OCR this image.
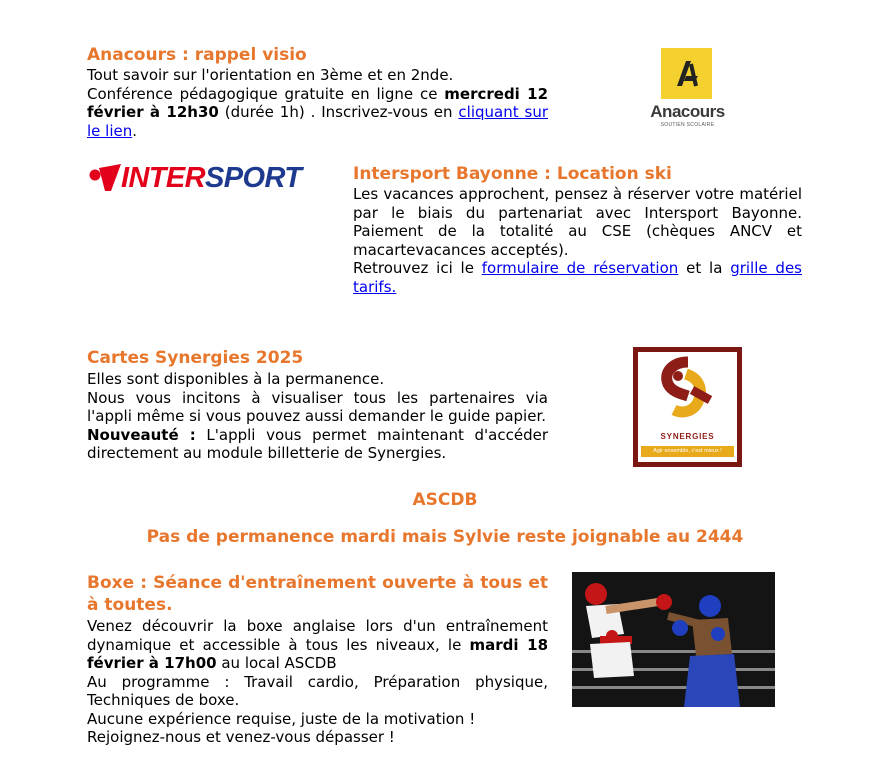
Anacours : rappel visio
Tout savoir sur l'orientation en 3ème et en 2nde.
Conférence pédagogique gratuite en ligne ce mercredi 12 février à 12h30 (durée 1h) . Inscrivez-vous en cliquant sur le lien.
Anacours
SOUTIEN SCOLAIRE
INTERSPORT	Intersport Bayonne : Location ski
Les vacances approchent, pensez à réserver votre matériel par le biais du partenariat avec Intersport Bayonne. Paiement de la totalité au CSE (chèques ANCV et macartevacances acceptés).
Retrouvez ici le formulaire de réservation et la grille des tarifs.
Cartes Synergies 2025
Elles sont disponibles à la permanence.
Nous vous incitons à visualiser tous les partenaires via l'appli même si vous pouvez aussi demander le guide papier.
Nouveauté : L'appli vous permet maintenant d'accéder directement au module billetterie de Synergies.
SYNERGIES
Agir ensemble, c'est mieux !
ASCDB
Pas de permanence mardi mais Sylvie reste joignable au 2444
Boxe : Séance d'entraînement ouverte à tous et à toutes.
Venez découvrir la boxe anglaise lors d'un entraînement dynamique et accessible à tous les niveaux, le mardi 18 février à 17h00 au local ASCDB
Au programme : Travail cardio, Préparation physique, Techniques de boxe.
Aucune expérience requise, juste de la motivation ! Rejoignez-nous et venez-vous dépasser !
